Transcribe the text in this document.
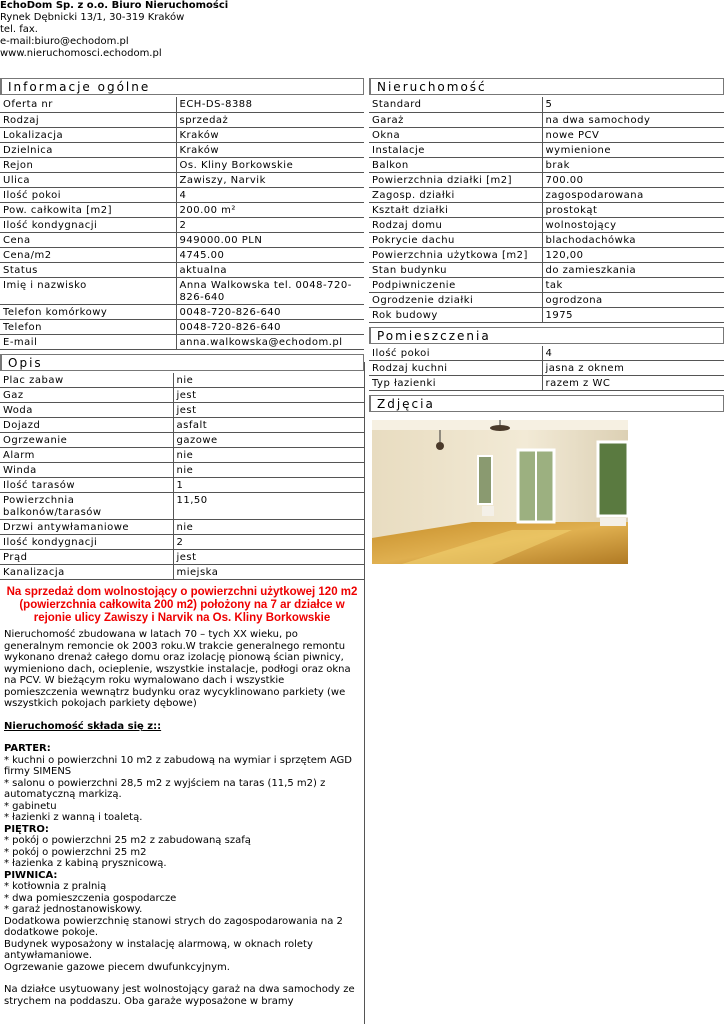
EchoDom Sp. z o.o. Biuro Nieruchomości
Rynek Dębnicki 13/1, 30-319 Kraków
tel. fax.
e-mail:biuro@echodom.pl
www.nieruchomosci.echodom.pl
Informacje ogólne
Oferta nr	ECH-DS-8388
Rodzaj	sprzedaż
Lokalizacja	Kraków
Dzielnica	Kraków
Rejon	Os. Kliny Borkowskie
Ulica	Zawiszy, Narvik
Ilość pokoi	4
Pow. całkowita [m2]	200.00 m²
Ilość kondygnacji	2
Cena	949000.00 PLN
Cena/m2	4745.00
Status	aktualna
Imię i nazwisko	Anna Walkowska tel. 0048-720-826-640
Telefon komórkowy	0048-720-826-640
Telefon	0048-720-826-640
E-mail	anna.walkowska@echodom.pl
Opis
Plac zabaw	nie
Gaz	jest
Woda	jest
Dojazd	asfalt
Ogrzewanie	gazowe
Alarm	nie
Winda	nie
Ilość tarasów	1
Powierzchnia balkonów/tarasów	11,50
Drzwi antywłamaniowe	nie
Ilość kondygnacji	2
Prąd	jest
Kanalizacja	miejska
Na sprzedaż dom wolnostojący o powierzchni użytkowej 120 m2 (powierzchnia całkowita 200 m2) położony na 7 ar działce w rejonie ulicy Zawiszy i Narvik na Os. Kliny Borkowskie

Nieruchomość zbudowana w latach 70 – tych XX wieku, po generalnym remoncie ok 2003 roku.W trakcie generalnego remontu wykonano drenaż całego domu oraz izolację pionową ścian piwnicy, wymieniono dach, ocieplenie, wszystkie instalacje, podłogi oraz okna na PCV. W bieżącym roku wymalowano dach i wszystkie pomieszczenia wewnątrz budynku oraz wycyklinowano parkiety (we wszystkich pokojach parkiety dębowe)

Nieruchomość składa się z::

PARTER:
* kuchni o powierzchni 10 m2 z zabudową na wymiar i sprzętem AGD firmy SIMENS
* salonu o powierzchni 28,5 m2 z wyjściem na taras (11,5 m2) z automatyczną markizą.
* gabinetu
* łazienki z wanną i toaletą.
PIĘTRO:
* pokój o powierzchni 25 m2 z zabudowaną szafą
* pokój o powierzchni 25 m2
* łazienka z kabiną prysznicową.
PIWNICA:
* kotłownia z pralnią
* dwa pomieszczenia gospodarcze
* garaż jednostanowiskowy.
Dodatkowa powierzchnię stanowi strych do zagospodarowania na 2 dodatkowe pokoje.
Budynek wyposażony w instalację alarmową, w oknach rolety antywłamaniowe.
Ogrzewanie gazowe piecem dwufunkcyjnym.

Na działce usytuowany jest wolnostojący garaż na dwa samochody ze strychem na poddaszu. Oba garaże wyposażone w bramy

Nieruchomość
Standard	5
Garaż	na dwa samochody
Okna	nowe PCV
Instalacje	wymienione
Balkon	brak
Powierzchnia działki [m2]	700.00
Zagosp. działki	zagospodarowana
Kształt działki	prostokąt
Rodzaj domu	wolnostojący
Pokrycie dachu	blachodachówka
Powierzchnia użytkowa [m2]	120,00
Stan budynku	do zamieszkania
Podpiwniczenie	tak
Ogrodzenie działki	ogrodzona
Rok budowy	1975
Pomieszczenia
Ilość pokoi	4
Rodzaj kuchni	jasna z oknem
Typ łazienki	razem z WC
Zdjęcia
